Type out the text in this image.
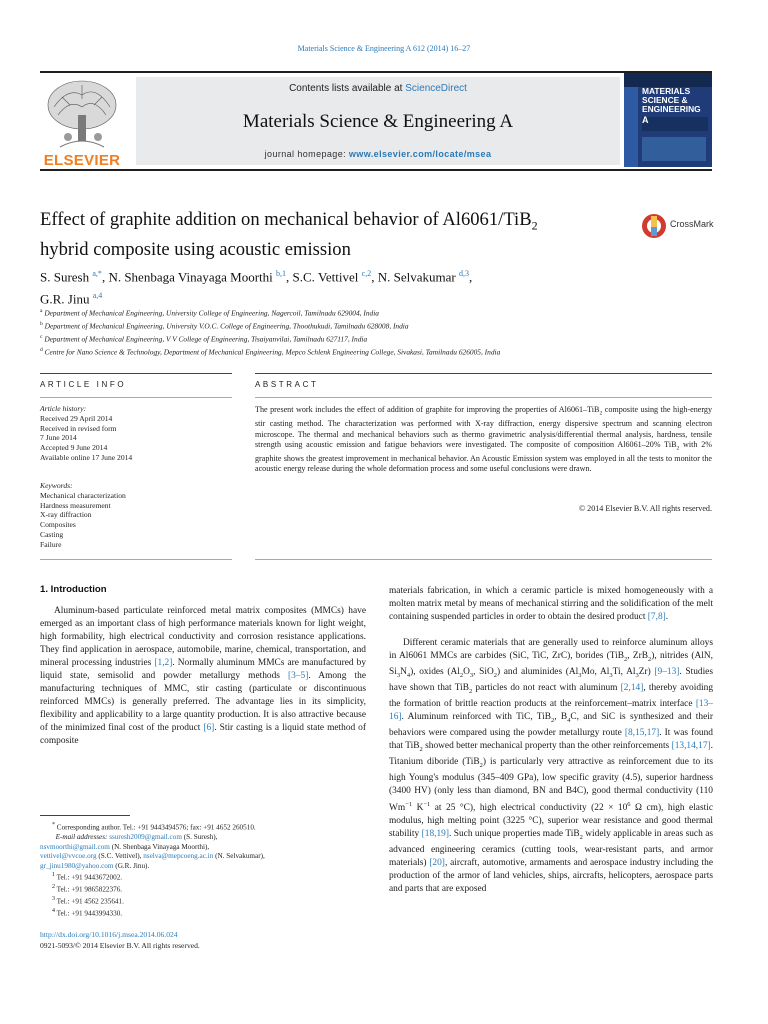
Materials Science & Engineering A 612 (2014) 16–27
ELSEVIER
Contents lists available at ScienceDirect
Materials Science & Engineering A
journal homepage: www.elsevier.com/locate/msea
MATERIALS SCIENCE & ENGINEERING
A
Effect of graphite addition on mechanical behavior of Al6061/TiB$_2$
hybrid composite using acoustic emission
CrossMark
S. Suresh $^{a,*}$, N. Shenbaga Vinayaga Moorthi $^{b,1}$, S.C. Vettivel $^{c,2}$, N. Selvakumar $^{d,3}$,
G.R. Jinu $^{a,4}$
$^a$ Department of Mechanical Engineering, University College of Engineering, Nagercoil, Tamilnadu 629004, India
$^b$ Department of Mechanical Engineering, University V.O.C. College of Engineering, Thoothukudi, Tamilnadu 628008, India
$^c$ Department of Mechanical Engineering, V V College of Engineering, Tisaiyanvilai, Tamilnadu 627117, India
$^d$ Centre for Nano Science & Technology, Department of Mechanical Engineering, Mepco Schlenk Engineering College, Sivakasi, Tamilnadu 626005, India
ARTICLE INFO	ABSTRACT
Article history:
Received 29 April 2014
Received in revised form
7 June 2014
Accepted 9 June 2014
Available online 17 June 2014
Keywords:
Mechanical characterization
Hardness measurement
X-ray diffraction
Composites
Casting
Failure
The present work includes the effect of addition of graphite for improving the properties of Al6061–TiB$_2$ composite using the high-energy stir casting method. The characterization was performed with X-ray diffraction, energy dispersive spectrum and scanning electron microscope. The thermal and mechanical behaviors such as thermo gravimetric analysis/differential thermal analysis, hardness, tensile strength using acoustic emission and fatigue behaviors were investigated. The composite of composition Al6061–20% TiB$_2$ with 2% graphite shows the greatest improvement in mechanical behavior. An Acoustic Emission system was employed in all the tests to monitor the acoustic energy release during the whole deformation process and some useful conclusions were drawn.
© 2014 Elsevier B.V. All rights reserved.
1. Introduction
Aluminum-based particulate reinforced metal matrix composites (MMCs) have emerged as an important class of high performance materials known for light weight, high formability, high electrical conductivity and corrosion resistance applications. They find application in aerospace, automobile, marine, chemical, transportation, and mineral processing industries [1,2]. Normally aluminum MMCs are manufactured by liquid state, semisolid and powder metallurgy methods [3–5]. Among the manufacturing techniques of MMC, stir casting (particulate or discontinuous reinforced MMCs) is generally preferred. The advantage lies in its simplicity, flexibility and applicability to a large quantity production. It is also attractive because of the minimized final cost of the product [6]. Stir casting is a liquid state method of composite
materials fabrication, in which a ceramic particle is mixed homogeneously with a molten matrix metal by means of mechanical stirring and the solidification of the melt containing suspended particles in order to obtain the desired product [7,8].
Different ceramic materials that are generally used to reinforce aluminum alloys in Al6061 MMCs are carbides (SiC, TiC, ZrC), borides (TiB$_2$, ZrB$_2$), nitrides (AlN, $Si_3N_4$), oxides ($Al_2O_3$, SiO$_2$) and aluminides ($Al_3Mo$, $Al_3Ti$, $Al_3Zr$) [9–13]. Studies have shown that TiB$_2$ particles do not react with aluminum [2,14], thereby avoiding the formation of brittle reaction products at the reinforcement–matrix interface [13–16]. Aluminum reinforced with TiC, TiB$_2$, $B_4C$, and SiC is synthesized and their behaviors were compared using the powder metallurgy route [8,15,17]. It was found that TiB$_2$ showed better mechanical property than the other reinforcements [13,14,17]. Titanium diboride (TiB$_2$) is particularly very attractive as reinforcement due to its high Young's modulus (345–409 GPa), low specific gravity (4.5), superior hardness (3400 HV) (only less than diamond, BN and B4C), good thermal conductivity (110 $Wm^{-1}$ $K^{-1}$ at 25 °C), high electrical conductivity ($22 \times 10^6$ Ω cm), high elastic modulus, high melting point (3225 °C), superior wear resistance and good thermal stability [18,19]. Such unique properties made TiB$_2$ widely applicable in areas such as advanced engineering ceramics (cutting tools, wear-resistant parts, and armor materials) [20], aircraft, automotive, armaments and aerospace industry including the production of the armor of land vehicles, ships, aircrafts, helicopters, aerospace parts and parts that are exposed
* Corresponding author. Tel.: +91 9443494576; fax: +91 4652 260510.
E-mail addresses: ssuresh2009@gmail.com (S. Suresh),
nsvmoorthi@gmail.com (N. Shenbaga Vinayaga Moorthi),
vettivel@vvcoe.org (S.C. Vettivel), nselva@mepcoeng.ac.in (N. Selvakumar),
gr_jinu1980@yahoo.com (G.R. Jinu).
$^1$ Tel.: +91 9443672002.
$^2$ Tel.: +91 9865822376.
$^3$ Tel.: +91 4562 235641.
$^4$ Tel.: +91 9443994330.
http://dx.doi.org/10.1016/j.msea.2014.06.024
0921-5093/© 2014 Elsevier B.V. All rights reserved.
